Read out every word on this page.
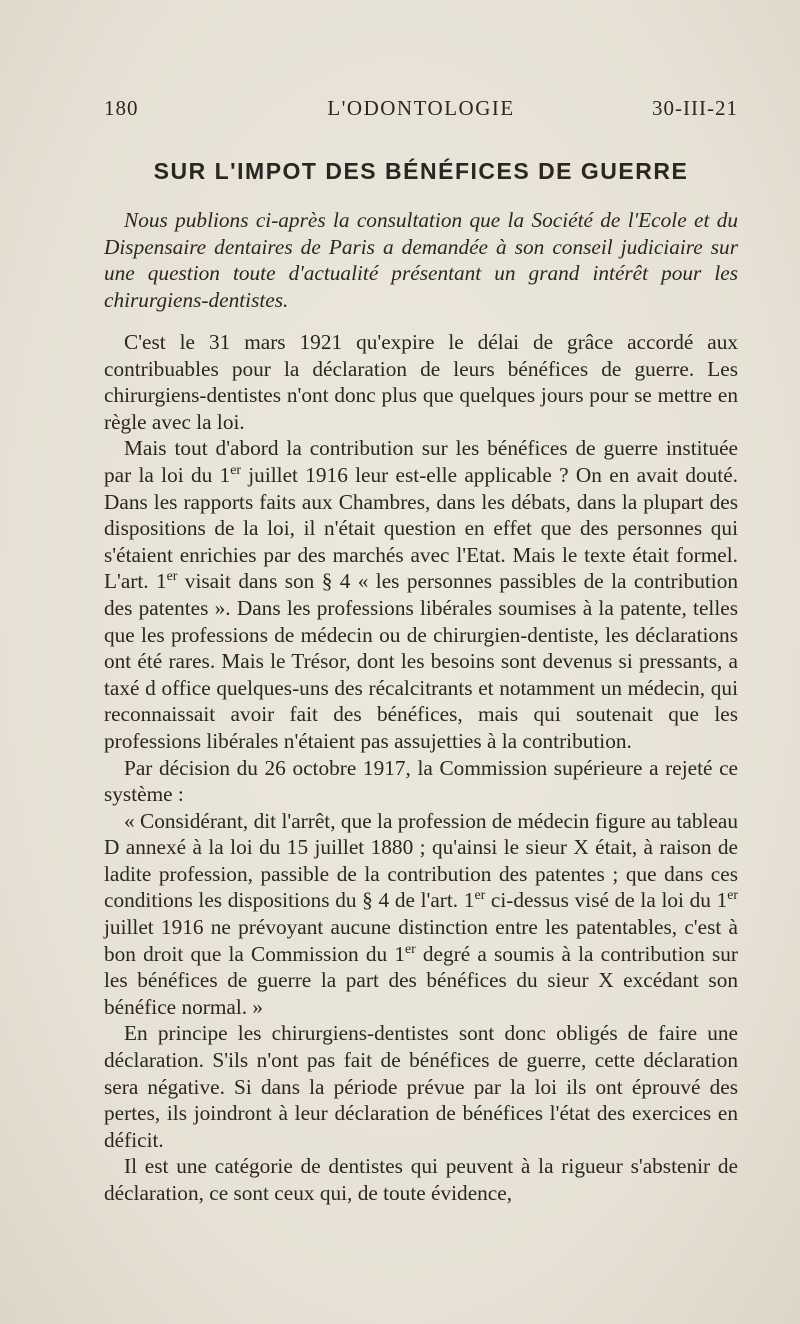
L'ODONTOLOGIE
180	30-III-21
SUR L'IMPOT DES BÉNÉFICES DE GUERRE
Nous publions ci-après la consultation que la Société de l'Ecole et du Dispensaire dentaires de Paris a demandée à son conseil judiciaire sur une question toute d'actualité présentant un grand intérêt pour les chirurgiens-dentistes.

C'est le 31 mars 1921 qu'expire le délai de grâce accordé aux contribuables pour la déclaration de leurs bénéfices de guerre. Les chirurgiens-dentistes n'ont donc plus que quelques jours pour se mettre en règle avec la loi.

Mais tout d'abord la contribution sur les bénéfices de guerre instituée par la loi du 1er juillet 1916 leur est-elle applicable ? On en avait douté. Dans les rapports faits aux Chambres, dans les débats, dans la plupart des dispositions de la loi, il n'était question en effet que des personnes qui s'étaient enrichies par des marchés avec l'Etat. Mais le texte était formel. L'art. 1er visait dans son § 4 « les personnes passibles de la contribution des patentes ». Dans les professions libérales soumises à la patente, telles que les professions de médecin ou de chirurgien-dentiste, les déclarations ont été rares. Mais le Trésor, dont les besoins sont devenus si pressants, a taxé d office quelques-uns des récalcitrants et notamment un médecin, qui reconnaissait avoir fait des bénéfices, mais qui soutenait que les professions libérales n'étaient pas assujetties à la contribution.

Par décision du 26 octobre 1917, la Commission supérieure a rejeté ce système :

« Considérant, dit l'arrêt, que la profession de médecin figure au tableau D annexé à la loi du 15 juillet 1880 ; qu'ainsi le sieur X était, à raison de ladite profession, passible de la contribution des patentes ; que dans ces conditions les dispositions du § 4 de l'art. 1er ci-dessus visé de la loi du 1er juillet 1916 ne prévoyant aucune distinction entre les patentables, c'est à bon droit que la Commission du 1er degré a soumis à la contribution sur les bénéfices de guerre la part des bénéfices du sieur X excédant son bénéfice normal. »

En principe les chirurgiens-dentistes sont donc obligés de faire une déclaration. S'ils n'ont pas fait de bénéfices de guerre, cette déclaration sera négative. Si dans la période prévue par la loi ils ont éprouvé des pertes, ils joindront à leur déclaration de bénéfices l'état des exercices en déficit.

Il est une catégorie de dentistes qui peuvent à la rigueur s'abstenir de déclaration, ce sont ceux qui, de toute évidence,
